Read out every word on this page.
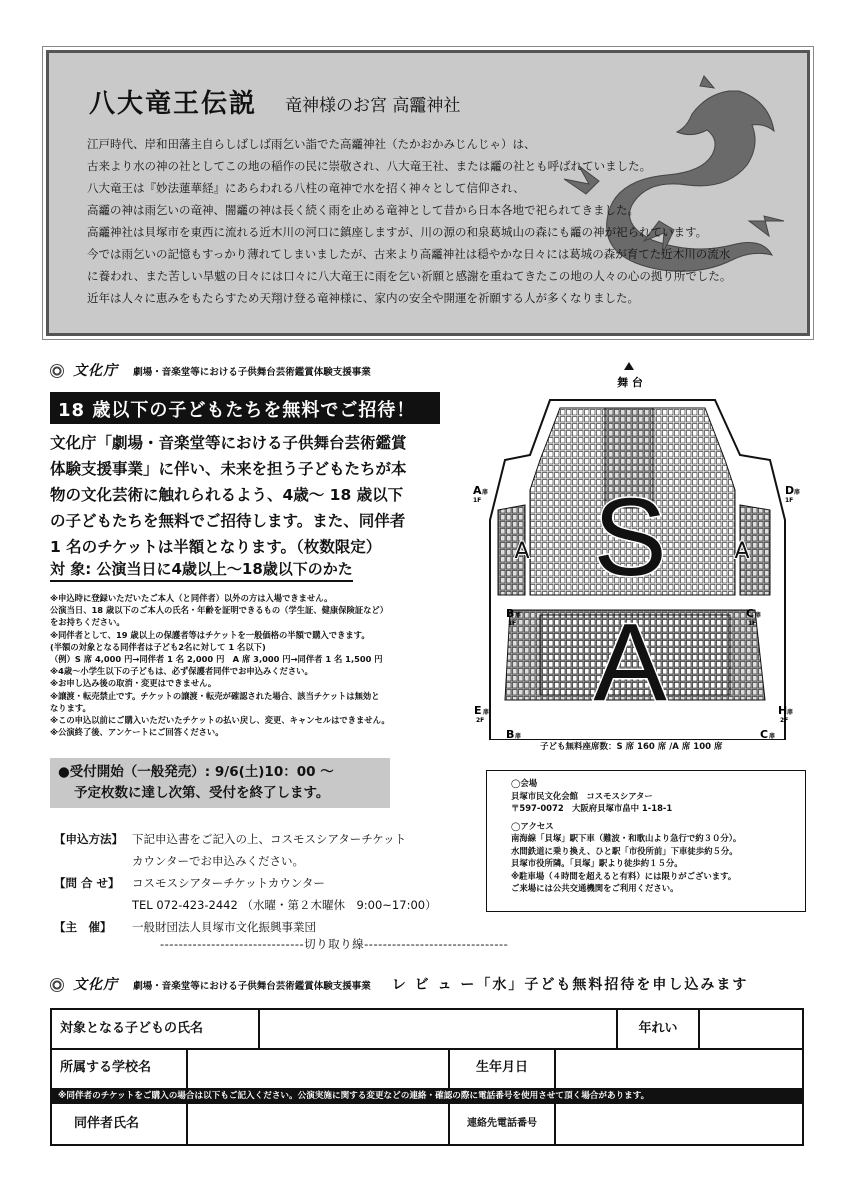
八大竜王伝説 竜神様のお宮 高龗神社

江戸時代、岸和田藩主自らしばしば雨乞い詣でた高龗神社（たかおかみじんじゃ）は、

古来より水の神の社としてこの地の稲作の民に崇敬され、八大竜王社、または龗の社とも呼ばれていました。

八大竜王は『妙法蓮華経』にあらわれる八柱の竜神で水を招く神々として信仰され、

高龗の神は雨乞いの竜神、闇龗の神は長く続く雨を止める竜神として昔から日本各地で祀られてきました。

高龗神社は貝塚市を東西に流れる近木川の河口に鎮座しますが、川の源の和泉葛城山の森にも龗の神が祀られています。

今では雨乞いの記憶もすっかり薄れてしまいましたが、古来より高龗神社は穏やかな日々には葛城の森が育てた近木川の流水

に養われ、また苦しい旱魃の日々には口々に八大竜王に雨を乞い祈願と感謝を重ねてきたこの地の人々の心の拠り所でした。

近年は人々に恵みをもたらすため天翔け登る竜神様に、家内の安全や開運を祈願する人が多くなりました。

文化庁 劇場・音楽堂等における子供舞台芸術鑑賞体験支援事業
18 歳以下の子どもたちを無料でご招待！

文化庁「劇場・音楽堂等における子供舞台芸術鑑賞

体験支援事業」に伴い、未来を担う子どもたちが本

物の文化芸術に触れられるよう、4歳～ 18 歳以下

の子どもたちを無料でご招待します。また、同伴者

1 名のチケットは半額となります。（枚数限定）

対 象: 公演当日に4歳以上～18歳以下のかた

※申込時に登録いただいたご本人（と同伴者）以外の方は入場できません。

公演当日、18 歳以下のご本人の氏名・年齢を証明できるもの（学生証、健康保険証など）

をお持ちください。

※同伴者として、19 歳以上の保護者等はチケットを一般価格の半額で購入できます。

(半額の対象となる同伴者は子ども2名に対して 1 名以下)

（例）S 席 4,000 円→同伴者 1 名 2,000 円　A 席 3,000 円→同伴者 1 名 1,500 円

※4歳～小学生以下の子どもは、必ず保護者同伴でお申込みください。

※お申し込み後の取消・変更はできません。

※譲渡・転売禁止です。チケットの譲渡・転売が確認された場合、該当チケットは無効と

なります。

※この申込以前にご購入いただいたチケットの払い戻し、変更、キャンセルはできません。

※公演終了後、アンケートにご回答ください。

●受付開始（一般発売）: 9/6(土)10：00 ～

予定枚数に達し次第、受付を終了します。

【申込方法】 下記申込書をご記入の上、コスモスシアターチケット
カウンターでお申込みください。
【問 合 せ】	コスモスシアターチケットカウンター
TEL 072-423-2442 （水曜・第２木曜休　9:00~17:00）
【主　催】	一般財団法人貝塚市文化振興事業団
舞 台
S
A
A	A
A 扉
1F
D 扉
1F
B 扉
1F
C 扉
1F
E 扉
2F
H 扉
2F
B 扉	C 扉
子ども無料座席数：S 席 160 席 /A 席 100 席

◯会場

貝塚市民文化会館　コスモスシアター

〒597-0072　大阪府貝塚市畠中 1-18-1

◯アクセス

南海線「貝塚」駅下車（難波・和歌山より急行で約３０分）。

水間鉄道に乗り換え、ひと駅「市役所前」下車徒歩約５分。

貝塚市役所隣。「貝塚」駅より徒歩約１５分。

※駐車場（４時間を超えると有料）には限りがございます。

ご来場には公共交通機関をご利用ください。

-------------------------------切り取り線-------------------------------
文化庁 劇場・音楽堂等における子供舞台芸術鑑賞体験支援事業 レ ビ ュ ー「水」子ども無料招待を申し込みます
対象となる子どもの氏名	年れい
所属する学校名	生年月日
※同伴者のチケットをご購入の場合は以下もご記入ください。公演実施に関する変更などの連絡・確認の際に電話番号を使用させて頂く場合があります。
同伴者氏名	連絡先電話番号
